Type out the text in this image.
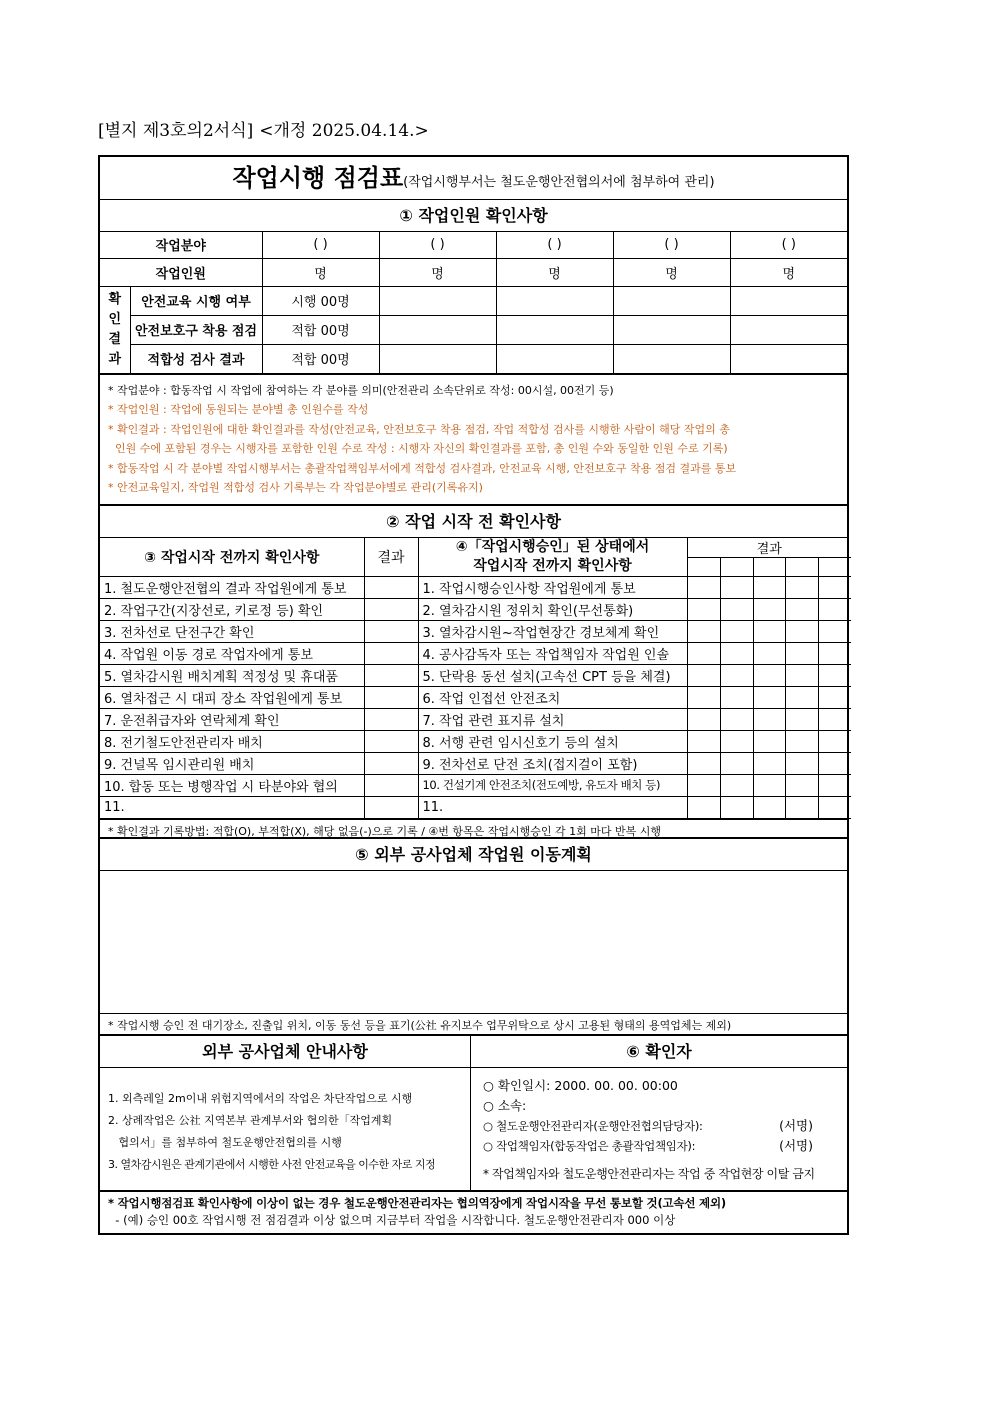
[별지 제3호의2서식] <개정 2025.04.14.>
작업시행 점검표(작업시행부서는 철도운행안전협의서에 첨부하여 관리)
① 작업인원 확인사항
작업분야		( )	( )	( )	( )	( )
작업인원		명	명	명	명	명

확
인
결
과	안전교육 시행 여부	시행 00명				
	안전보호구 착용 점검	적합 00명				
	적합성 검사 결과	적합 00명				
* 작업분야 : 합동작업 시 작업에 참여하는 각 분야를 의미(안전관리 소속단위로 작성: 00시설, 00전기 등)
* 작업인원 : 작업에 동원되는 분야별 총 인원수를 작성
* 확인결과 : 작업인원에 대한 확인결과를 작성(안전교육, 안전보호구 착용 점검, 작업 적합성 검사를 시행한 사람이 해당 작업의 총
인원 수에 포함된 경우는 시행자를 포함한 인원 수로 작성 : 시행자 자신의 확인결과를 포함, 총 인원 수와 동일한 인원 수로 기록)
* 합동작업 시 각 분야별 작업시행부서는 총괄작업책임부서에게 적합성 검사결과, 안전교육 시행, 안전보호구 착용 점검 결과를 통보
* 안전교육일지, 작업원 적합성 검사 기록부는 각 작업분야별로 관리(기록유지)
② 작업 시작 전 확인사항
③ 작업시작 전까지 확인사항	결과	④「작업시행승인」된 상태에서
작업시작 전까지 확인사항	결과				

1. 철도운행안전협의 결과 작업원에게 통보		1. 작업시행승인사항 작업원에게 통보					
2. 작업구간(지장선로, 키로정 등) 확인		2. 열차감시원 정위치 확인(무선통화)					
3. 전차선로 단전구간 확인		3. 열차감시원~작업현장간 경보체계 확인					
4. 작업원 이동 경로 작업자에게 통보		4. 공사감독자 또는 작업책임자 작업원 인솔					
5. 열차감시원 배치계획 적정성 및 휴대품		5. 단락용 동선 설치(고속선 CPT 등을 체결)					
6. 열차접근 시 대피 장소 작업원에게 통보		6. 작업 인접선 안전조치					
7. 운전취급자와 연락체계 확인		7. 작업 관련 표지류 설치					
8. 전기철도안전관리자 배치		8. 서행 관련 임시신호기 등의 설치					
9. 건널목 임시관리원 배치		9. 전차선로 단전 조치(접지걸이 포함)					
10. 합동 또는 병행작업 시 타분야와 협의		10. 건설기계 안전조치(전도예방, 유도자 배치 등)					
11.		11.					
* 확인결과 기록방법: 적합(O), 부적합(X), 해당 없음(-)으로 기록 / ④번 항목은 작업시행승인 각 1회 마다 반복 시행
⑤ 외부 공사업체 작업원 이동계획
* 작업시행 승인 전 대기장소, 진출입 위치, 이동 동선 등을 표기(公社 유지보수 업무위탁으로 상시 고용된 형태의 용역업체는 제외)
외부 공사업체 안내사항
1. 외측레일 2m이내 위험지역에서의 작업은 차단작업으로 시행
2. 상례작업은 公社 지역본부 관계부서와 협의한「작업계획
협의서」를 첨부하여 철도운행안전협의를 시행
3. 열차감시원은 관계기관에서 시행한 사전 안전교육을 이수한 자로 지정
⑥ 확인자
○ 확인일시: 2000. 00. 00. 00:00
○ 소속:
○ 철도운행안전관리자(운행안전협의담당자):	(서명)
○ 작업책임자(합동작업은 총괄작업책임자):	(서명)
* 작업책임자와 철도운행안전관리자는 작업 중 작업현장 이탈 금지
* 작업시행점검표 확인사항에 이상이 없는 경우 철도운행안전관리자는 협의역장에게 작업시작을 무선 통보할 것(고속선 제외)
- (예) 승인 00호 작업시행 전 점검결과 이상 없으며 지금부터 작업을 시작합니다. 철도운행안전관리자 000 이상
